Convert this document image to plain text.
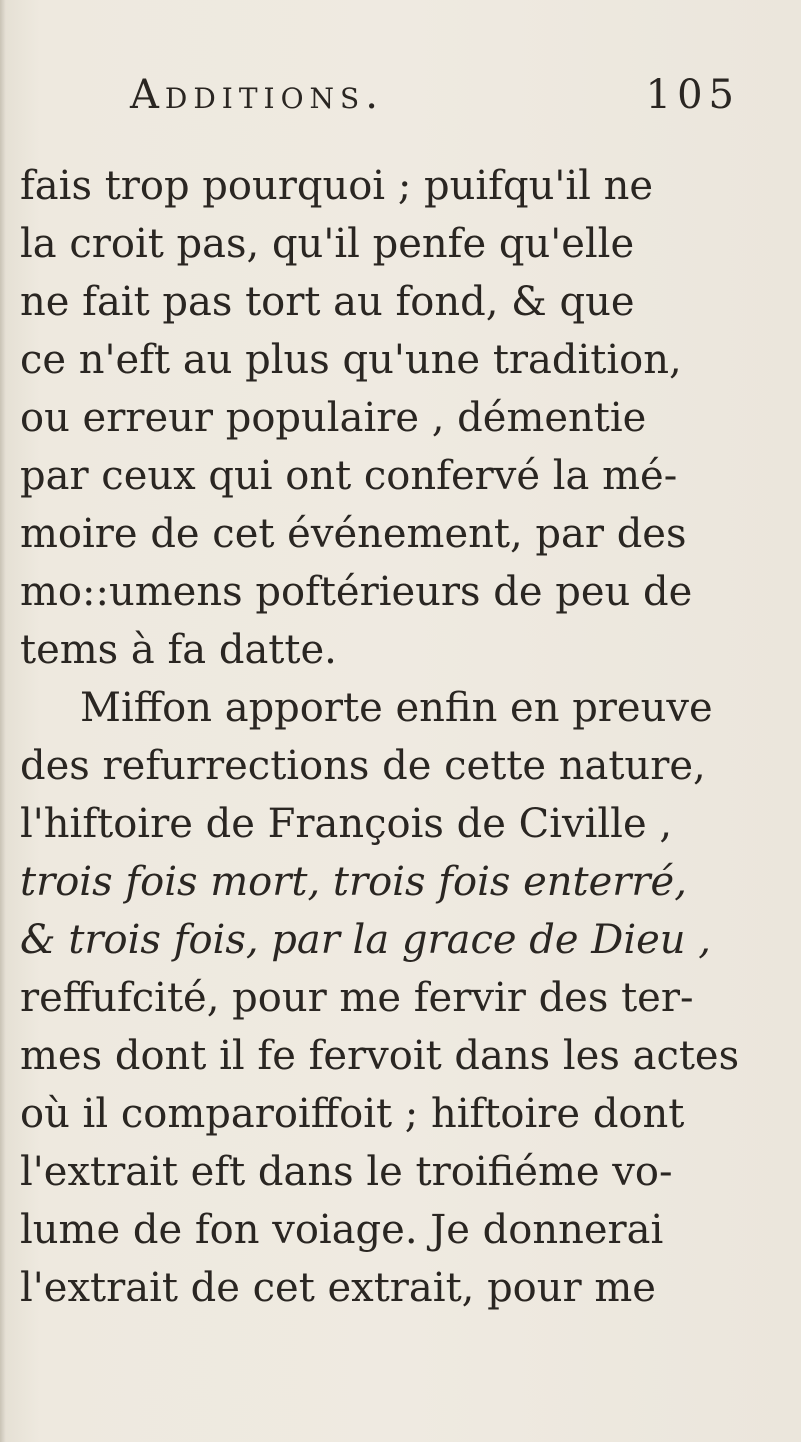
Additions.	105
fais trop pourquoi ; puifqu'il ne
la croit pas, qu'il penfe qu'elle
ne fait pas tort au fond, & que
ce n'eft au plus qu'une tradition,
ou erreur populaire , démentie
par ceux qui ont confervé la mé-
moire de cet événement, par des
mo::umens poftérieurs de peu de
tems à fa datte.
Miffon apporte enfin en preuve
des refurrections de cette nature,
l'hiftoire de François de Civille ,
trois fois mort, trois fois enterré,
& trois fois, par la grace de Dieu ,
reffufcité, pour me fervir des ter-
mes dont il fe fervoit dans les actes
où il comparoiffoit ; hiftoire dont
l'extrait eft dans le troifiéme vo-
lume de fon voiage. Je donnerai
l'extrait de cet extrait, pour me
